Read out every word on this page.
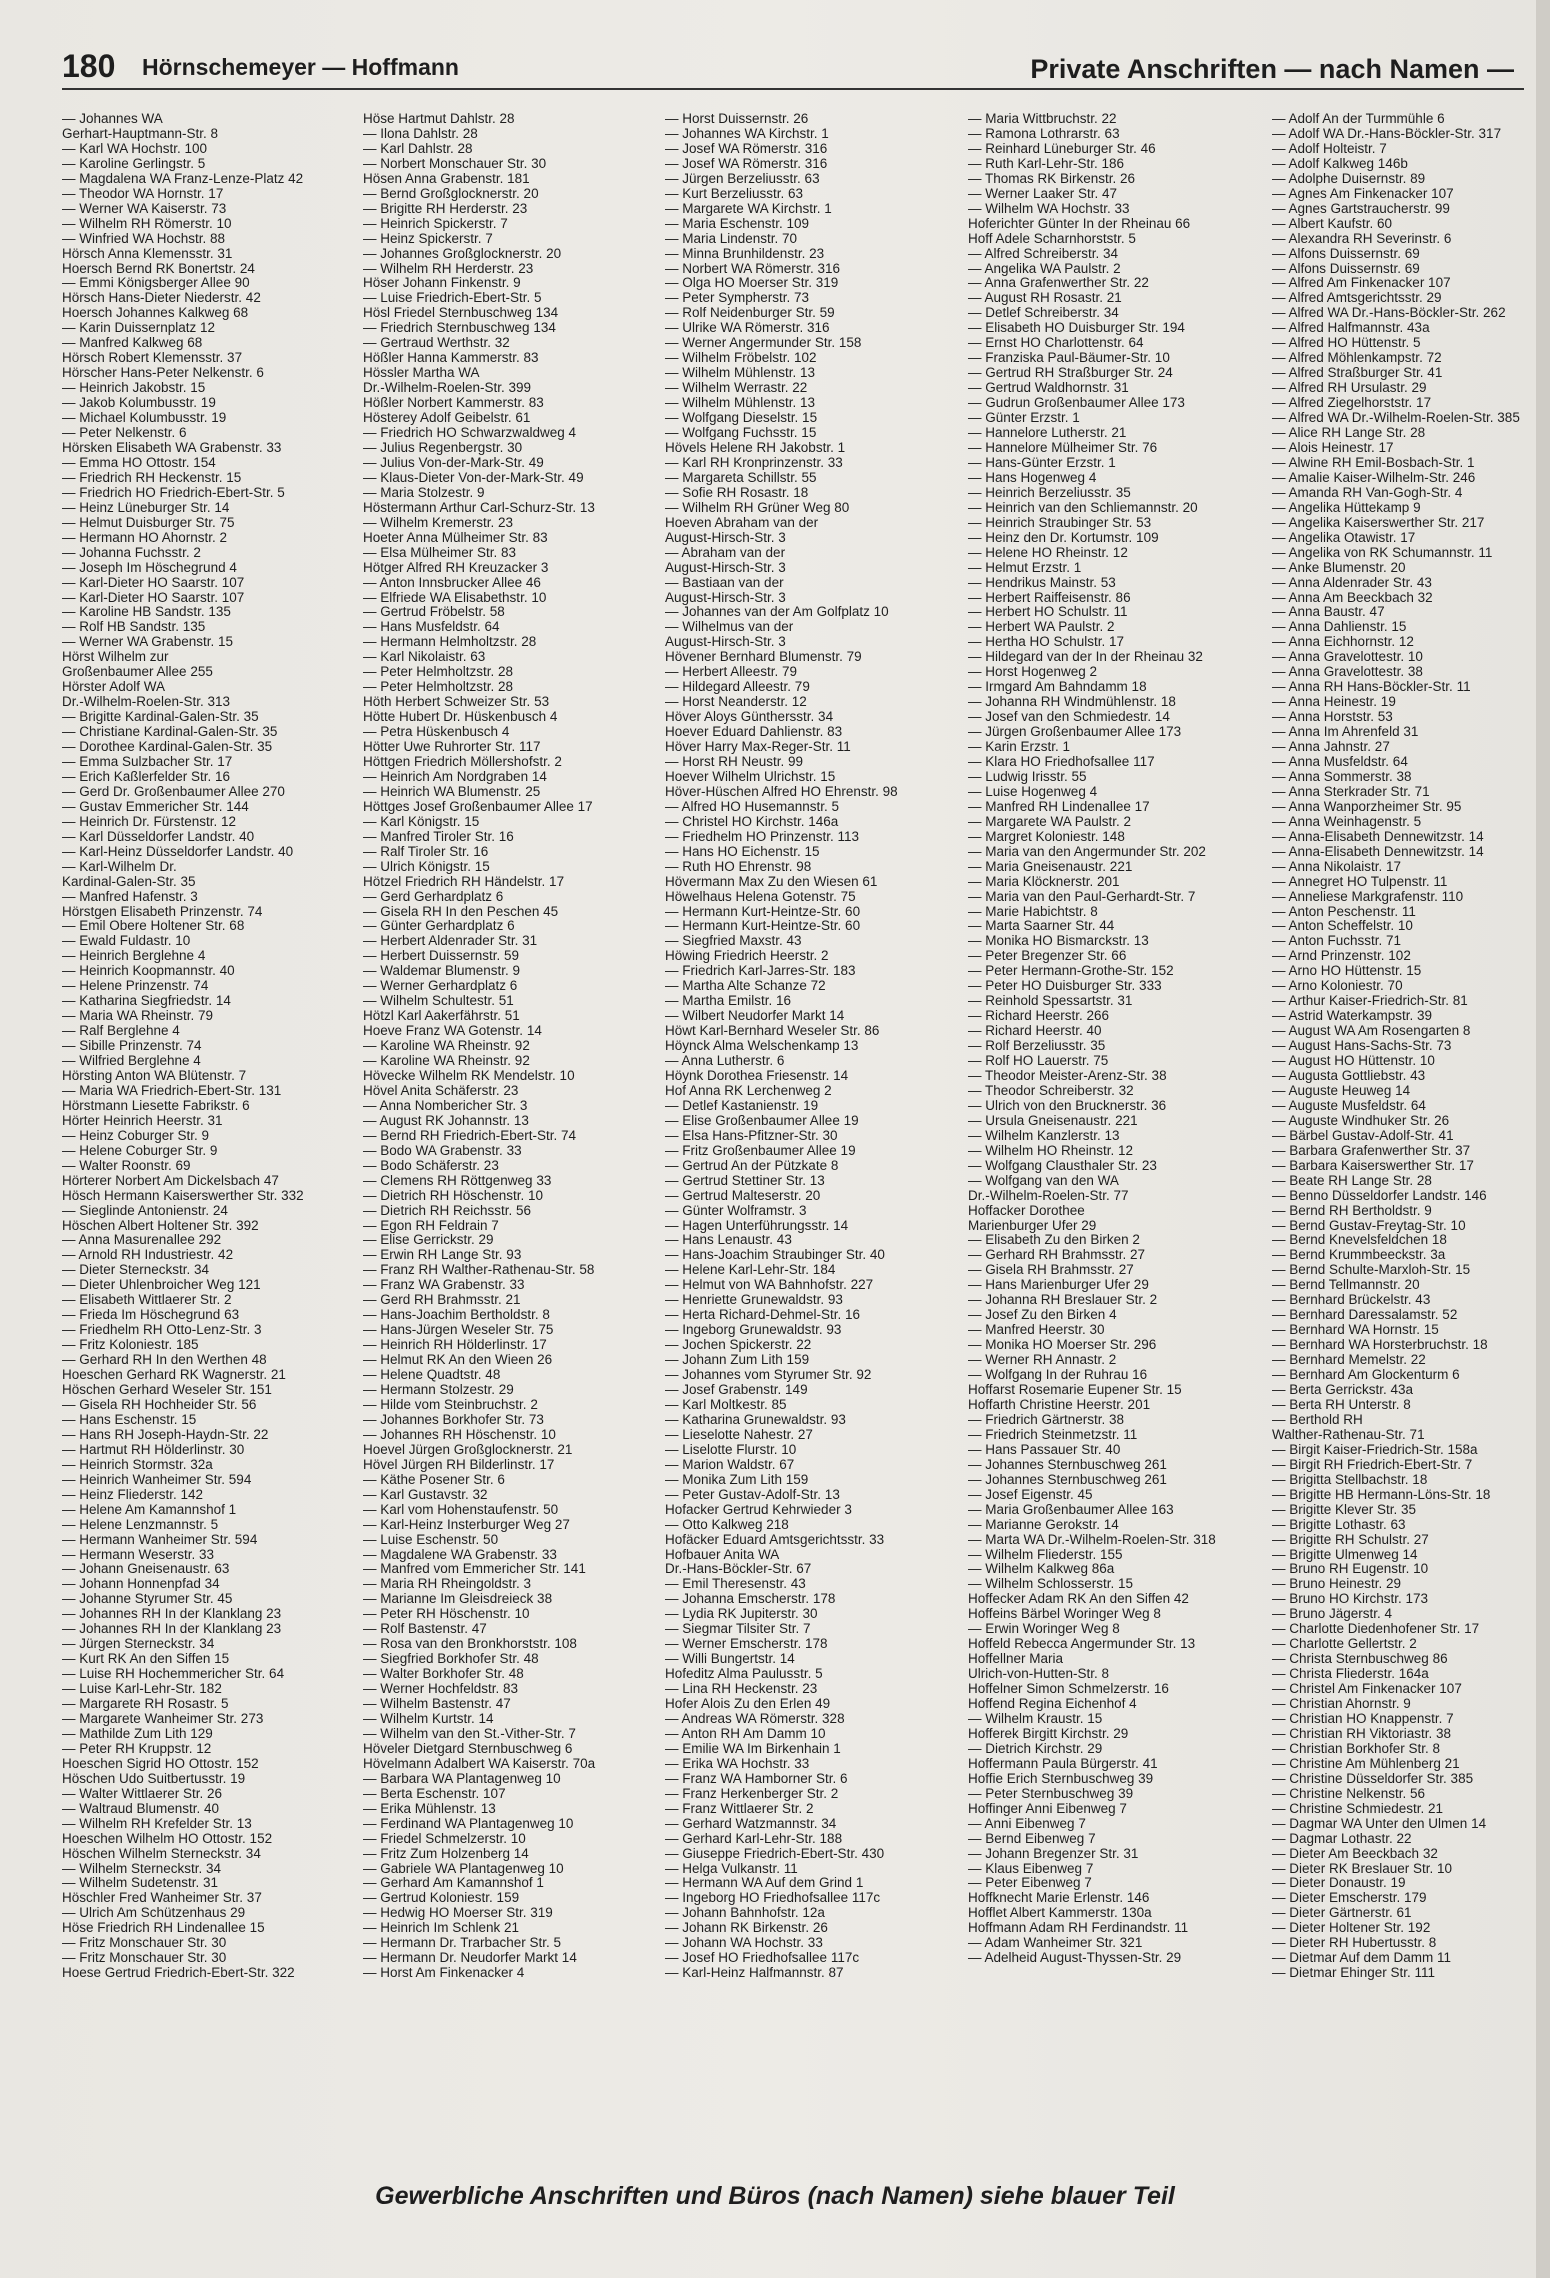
180 Hörnschemeyer — Hoffmann	Private Anschriften — nach Namen —
— Johannes WA
Gerhart-Hauptmann-Str. 8
— Karl WA Hochstr. 100
— Karoline Gerlingstr. 5
— Magdalena WA Franz-Lenze-Platz 42
— Theodor WA Hornstr. 17
— Werner WA Kaiserstr. 73
— Wilhelm RH Römerstr. 10
— Winfried WA Hochstr. 88
Hörsch Anna Klemensstr. 31
Hoersch Bernd RK Bonertstr. 24
— Emmi Königsberger Allee 90
Hörsch Hans-Dieter Niederstr. 42
Hoersch Johannes Kalkweg 68
— Karin Duissernplatz 12
— Manfred Kalkweg 68
Hörsch Robert Klemensstr. 37
Hörscher Hans-Peter Nelkenstr. 6
— Heinrich Jakobstr. 15
— Jakob Kolumbusstr. 19
— Michael Kolumbusstr. 19
— Peter Nelkenstr. 6
Hörsken Elisabeth WA Grabenstr. 33
— Emma HO Ottostr. 154
— Friedrich RH Heckenstr. 15
— Friedrich HO Friedrich-Ebert-Str. 5
— Heinz Lüneburger Str. 14
— Helmut Duisburger Str. 75
— Hermann HO Ahornstr. 2
— Johanna Fuchsstr. 2
— Joseph Im Höschegrund 4
— Karl-Dieter HO Saarstr. 107
— Karl-Dieter HO Saarstr. 107
— Karoline HB Sandstr. 135
— Rolf HB Sandstr. 135
— Werner WA Grabenstr. 15
Hörst Wilhelm zur
Großenbaumer Allee 255
Hörster Adolf WA
Dr.-Wilhelm-Roelen-Str. 313
— Brigitte Kardinal-Galen-Str. 35
— Christiane Kardinal-Galen-Str. 35
— Dorothee Kardinal-Galen-Str. 35
— Emma Sulzbacher Str. 17
— Erich Kaßlerfelder Str. 16
— Gerd Dr. Großenbaumer Allee 270
— Gustav Emmericher Str. 144
— Heinrich Dr. Fürstenstr. 12
— Karl Düsseldorfer Landstr. 40
— Karl-Heinz Düsseldorfer Landstr. 40
— Karl-Wilhelm Dr.
Kardinal-Galen-Str. 35
— Manfred Hafenstr. 3
Hörstgen Elisabeth Prinzenstr. 74
— Emil Obere Holtener Str. 68
— Ewald Fuldastr. 10
— Heinrich Berglehne 4
— Heinrich Koopmannstr. 40
— Helene Prinzenstr. 74
— Katharina Siegfriedstr. 14
— Maria WA Rheinstr. 79
— Ralf Berglehne 4
— Sibille Prinzenstr. 74
— Wilfried Berglehne 4
Hörsting Anton WA Blütenstr. 7
— Maria WA Friedrich-Ebert-Str. 131
Hörstmann Liesette Fabrikstr. 6
Hörter Heinrich Heerstr. 31
— Heinz Coburger Str. 9
— Helene Coburger Str. 9
— Walter Roonstr. 69
Hörterer Norbert Am Dickelsbach 47
Hösch Hermann Kaiserswerther Str. 332
— Sieglinde Antonienstr. 24
Höschen Albert Holtener Str. 392
— Anna Masurenallee 292
— Arnold RH Industriestr. 42
— Dieter Sterneckstr. 34
— Dieter Uhlenbroicher Weg 121
— Elisabeth Wittlaerer Str. 2
— Frieda Im Höschegrund 63
— Friedhelm RH Otto-Lenz-Str. 3
— Fritz Koloniestr. 185
— Gerhard RH In den Werthen 48
Hoeschen Gerhard RK Wagnerstr. 21
Höschen Gerhard Weseler Str. 151
— Gisela RH Hochheider Str. 56
— Hans Eschenstr. 15
— Hans RH Joseph-Haydn-Str. 22
— Hartmut RH Hölderlinstr. 30
— Heinrich Stormstr. 32a
— Heinrich Wanheimer Str. 594
— Heinz Fliederstr. 142
— Helene Am Kamannshof 1
— Helene Lenzmannstr. 5
— Hermann Wanheimer Str. 594
— Hermann Weserstr. 33
— Johann Gneisenaustr. 63
— Johann Honnenpfad 34
— Johanne Styrumer Str. 45
— Johannes RH In der Klanklang 23
— Johannes RH In der Klanklang 23
— Jürgen Sterneckstr. 34
— Kurt RK An den Siffen 15
— Luise RH Hochemmericher Str. 64
— Luise Karl-Lehr-Str. 182
— Margarete RH Rosastr. 5
— Margarete Wanheimer Str. 273
— Mathilde Zum Lith 129
— Peter RH Kruppstr. 12
Hoeschen Sigrid HO Ottostr. 152
Höschen Udo Suitbertusstr. 19
— Walter Wittlaerer Str. 26
— Waltraud Blumenstr. 40
— Wilhelm RH Krefelder Str. 13
Hoeschen Wilhelm HO Ottostr. 152
Höschen Wilhelm Sterneckstr. 34
— Wilhelm Sterneckstr. 34
— Wilhelm Sudetenstr. 31
Höschler Fred Wanheimer Str. 37
— Ulrich Am Schützenhaus 29
Höse Friedrich RH Lindenallee 15
— Fritz Monschauer Str. 30
— Fritz Monschauer Str. 30
Hoese Gertrud Friedrich-Ebert-Str. 322
Höse Hartmut Dahlstr. 28
— Ilona Dahlstr. 28
— Karl Dahlstr. 28
— Norbert Monschauer Str. 30
Hösen Anna Grabenstr. 181
— Bernd Großglocknerstr. 20
— Brigitte RH Herderstr. 23
— Heinrich Spickerstr. 7
— Heinz Spickerstr. 7
— Johannes Großglocknerstr. 20
— Wilhelm RH Herderstr. 23
Höser Johann Finkenstr. 9
— Luise Friedrich-Ebert-Str. 5
Hösl Friedel Sternbuschweg 134
— Friedrich Sternbuschweg 134
— Gertraud Werthstr. 32
Hößler Hanna Kammerstr. 83
Hössler Martha WA
Dr.-Wilhelm-Roelen-Str. 399
Hößler Norbert Kammerstr. 83
Hösterey Adolf Geibelstr. 61
— Friedrich HO Schwarzwaldweg 4
— Julius Regenbergstr. 30
— Julius Von-der-Mark-Str. 49
— Klaus-Dieter Von-der-Mark-Str. 49
— Maria Stolzestr. 9
Höstermann Arthur Carl-Schurz-Str. 13
— Wilhelm Kremerstr. 23
Hoeter Anna Mülheimer Str. 83
— Elsa Mülheimer Str. 83
Hötger Alfred RH Kreuzacker 3
— Anton Innsbrucker Allee 46
— Elfriede WA Elisabethstr. 10
— Gertrud Fröbelstr. 58
— Hans Musfeldstr. 64
— Hermann Helmholtzstr. 28
— Karl Nikolaistr. 63
— Peter Helmholtzstr. 28
— Peter Helmholtzstr. 28
Höth Herbert Schweizer Str. 53
Hötte Hubert Dr. Hüskenbusch 4
— Petra Hüskenbusch 4
Hötter Uwe Ruhrorter Str. 117
Höttgen Friedrich Möllershofstr. 2
— Heinrich Am Nordgraben 14
— Heinrich WA Blumenstr. 25
Höttges Josef Großenbaumer Allee 17
— Karl Königstr. 15
— Manfred Tiroler Str. 16
— Ralf Tiroler Str. 16
— Ulrich Königstr. 15
Hötzel Friedrich RH Händelstr. 17
— Gerd Gerhardplatz 6
— Gisela RH In den Peschen 45
— Günter Gerhardplatz 6
— Herbert Aldenrader Str. 31
— Herbert Duissernstr. 59
— Waldemar Blumenstr. 9
— Werner Gerhardplatz 6
— Wilhelm Schultestr. 51
Hötzl Karl Aakerfährstr. 51
Hoeve Franz WA Gotenstr. 14
— Karoline WA Rheinstr. 92
— Karoline WA Rheinstr. 92
Hövecke Wilhelm RK Mendelstr. 10
Hövel Anita Schäferstr. 23
— Anna Nombericher Str. 3
— August RK Johannstr. 13
— Bernd RH Friedrich-Ebert-Str. 74
— Bodo WA Grabenstr. 33
— Bodo Schäferstr. 23
— Clemens RH Röttgenweg 33
— Dietrich RH Höschenstr. 10
— Dietrich RH Reichsstr. 56
— Egon RH Feldrain 7
— Elise Gerrickstr. 29
— Erwin RH Lange Str. 93
— Franz RH Walther-Rathenau-Str. 58
— Franz WA Grabenstr. 33
— Gerd RH Brahmsstr. 21
— Hans-Joachim Bertholdstr. 8
— Hans-Jürgen Weseler Str. 75
— Heinrich RH Hölderlinstr. 17
— Helmut RK An den Wieen 26
— Helene Quadtstr. 48
— Hermann Stolzestr. 29
— Hilde vom Steinbruchstr. 2
— Johannes Borkhofer Str. 73
— Johannes RH Höschenstr. 10
Hoevel Jürgen Großglocknerstr. 21
Hövel Jürgen RH Bilderlinstr. 17
— Käthe Posener Str. 6
— Karl Gustavstr. 32
— Karl vom Hohenstaufenstr. 50
— Karl-Heinz Insterburger Weg 27
— Luise Eschenstr. 50
— Magdalene WA Grabenstr. 33
— Manfred vom Emmericher Str. 141
— Maria RH Rheingoldstr. 3
— Marianne Im Gleisdreieck 38
— Peter RH Höschenstr. 10
— Rolf Bastenstr. 47
— Rosa van den Bronkhorststr. 108
— Siegfried Borkhofer Str. 48
— Walter Borkhofer Str. 48
— Werner Hochfeldstr. 83
— Wilhelm Bastenstr. 47
— Wilhelm Kurtstr. 14
— Wilhelm van den St.-Vither-Str. 7
Höveler Dietgard Sternbuschweg 6
Hövelmann Adalbert WA Kaiserstr. 70a
— Barbara WA Plantagenweg 10
— Berta Eschenstr. 107
— Erika Mühlenstr. 13
— Ferdinand WA Plantagenweg 10
— Friedel Schmelzerstr. 10
— Fritz Zum Holzenberg 14
— Gabriele WA Plantagenweg 10
— Gerhard Am Kamannshof 1
— Gertrud Koloniestr. 159
— Hedwig HO Moerser Str. 319
— Heinrich Im Schlenk 21
— Hermann Dr. Trarbacher Str. 5
— Hermann Dr. Neudorfer Markt 14
— Horst Am Finkenacker 4
— Horst Duissernstr. 26
— Johannes WA Kirchstr. 1
— Josef WA Römerstr. 316
— Josef WA Römerstr. 316
— Jürgen Berzeliusstr. 63
— Kurt Berzeliusstr. 63
— Margarete WA Kirchstr. 1
— Maria Eschenstr. 109
— Maria Lindenstr. 70
— Minna Brunhildenstr. 23
— Norbert WA Römerstr. 316
— Olga HO Moerser Str. 319
— Peter Sympherstr. 73
— Rolf Neidenburger Str. 59
— Ulrike WA Römerstr. 316
— Werner Angermunder Str. 158
— Wilhelm Fröbelstr. 102
— Wilhelm Mühlenstr. 13
— Wilhelm Werrastr. 22
— Wilhelm Mühlenstr. 13
— Wolfgang Dieselstr. 15
— Wolfgang Fuchsstr. 15
Hövels Helene RH Jakobstr. 1
— Karl RH Kronprinzenstr. 33
— Margareta Schillstr. 55
— Sofie RH Rosastr. 18
— Wilhelm RH Grüner Weg 80
Hoeven Abraham van der
August-Hirsch-Str. 3
— Abraham van der
August-Hirsch-Str. 3
— Bastiaan van der
August-Hirsch-Str. 3
— Johannes van der Am Golfplatz 10
— Wilhelmus van der
August-Hirsch-Str. 3
Hövener Bernhard Blumenstr. 79
— Herbert Alleestr. 79
— Hildegard Alleestr. 79
— Horst Neanderstr. 12
Höver Aloys Günthersstr. 34
Hoever Eduard Dahlienstr. 83
Höver Harry Max-Reger-Str. 11
— Horst RH Neustr. 99
Hoever Wilhelm Ulrichstr. 15
Höver-Hüschen Alfred HO Ehrenstr. 98
— Alfred HO Husemannstr. 5
— Christel HO Kirchstr. 146a
— Friedhelm HO Prinzenstr. 113
— Hans HO Eichenstr. 15
— Ruth HO Ehrenstr. 98
Hövermann Max Zu den Wiesen 61
Höwelhaus Helena Gotenstr. 75
— Hermann Kurt-Heintze-Str. 60
— Hermann Kurt-Heintze-Str. 60
— Siegfried Maxstr. 43
Höwing Friedrich Heerstr. 2
— Friedrich Karl-Jarres-Str. 183
— Martha Alte Schanze 72
— Martha Emilstr. 16
— Wilbert Neudorfer Markt 14
Höwt Karl-Bernhard Weseler Str. 86
Höynck Alma Welschenkamp 13
— Anna Lutherstr. 6
Höynk Dorothea Friesenstr. 14
Hof Anna RK Lerchenweg 2
— Detlef Kastanienstr. 19
— Elise Großenbaumer Allee 19
— Elsa Hans-Pfitzner-Str. 30
— Fritz Großenbaumer Allee 19
— Gertrud An der Pützkate 8
— Gertrud Stettiner Str. 13
— Gertrud Malteserstr. 20
— Günter Wolframstr. 3
— Hagen Unterführungsstr. 14
— Hans Lenaustr. 43
— Hans-Joachim Straubinger Str. 40
— Helene Karl-Lehr-Str. 184
— Helmut von WA Bahnhofstr. 227
— Henriette Grunewaldstr. 93
— Herta Richard-Dehmel-Str. 16
— Ingeborg Grunewaldstr. 93
— Jochen Spickerstr. 22
— Johann Zum Lith 159
— Johannes vom Styrumer Str. 92
— Josef Grabenstr. 149
— Karl Moltkestr. 85
— Katharina Grunewaldstr. 93
— Lieselotte Nahestr. 27
— Liselotte Flurstr. 10
— Marion Waldstr. 67
— Monika Zum Lith 159
— Peter Gustav-Adolf-Str. 13
Hofacker Gertrud Kehrwieder 3
— Otto Kalkweg 218
Hofäcker Eduard Amtsgerichtsstr. 33
Hofbauer Anita WA
Dr.-Hans-Böckler-Str. 67
— Emil Theresenstr. 43
— Johanna Emscherstr. 178
— Lydia RK Jupiterstr. 30
— Siegmar Tilsiter Str. 7
— Werner Emscherstr. 178
— Willi Bungertstr. 14
Hofeditz Alma Paulusstr. 5
— Lina RH Heckenstr. 23
Hofer Alois Zu den Erlen 49
— Andreas WA Römerstr. 328
— Anton RH Am Damm 10
— Emilie WA Im Birkenhain 1
— Erika WA Hochstr. 33
— Franz WA Hamborner Str. 6
— Franz Herkenberger Str. 2
— Franz Wittlaerer Str. 2
— Gerhard Watzmannstr. 34
— Gerhard Karl-Lehr-Str. 188
— Giuseppe Friedrich-Ebert-Str. 430
— Helga Vulkanstr. 11
— Hermann WA Auf dem Grind 1
— Ingeborg HO Friedhofsallee 117c
— Johann Bahnhofstr. 12a
— Johann RK Birkenstr. 26
— Johann WA Hochstr. 33
— Josef HO Friedhofsallee 117c
— Karl-Heinz Halfmannstr. 87
— Maria Wittbruchstr. 22
— Ramona Lothrarstr. 63
— Reinhard Lüneburger Str. 46
— Ruth Karl-Lehr-Str. 186
— Thomas RK Birkenstr. 26
— Werner Laaker Str. 47
— Wilhelm WA Hochstr. 33
Hoferichter Günter In der Rheinau 66
Hoff Adele Scharnhorststr. 5
— Alfred Schreiberstr. 34
— Angelika WA Paulstr. 2
— Anna Grafenwerther Str. 22
— August RH Rosastr. 21
— Detlef Schreiberstr. 34
— Elisabeth HO Duisburger Str. 194
— Ernst HO Charlottenstr. 64
— Franziska Paul-Bäumer-Str. 10
— Gertrud RH Straßburger Str. 24
— Gertrud Waldhornstr. 31
— Gudrun Großenbaumer Allee 173
— Günter Erzstr. 1
— Hannelore Lutherstr. 21
— Hannelore Mülheimer Str. 76
— Hans-Günter Erzstr. 1
— Hans Hogenweg 4
— Heinrich Berzeliusstr. 35
— Heinrich van den Schliemannstr. 20
— Heinrich Straubinger Str. 53
— Heinz den Dr. Kortumstr. 109
— Helene HO Rheinstr. 12
— Helmut Erzstr. 1
— Hendrikus Mainstr. 53
— Herbert Raiffeisenstr. 86
— Herbert HO Schulstr. 11
— Herbert WA Paulstr. 2
— Hertha HO Schulstr. 17
— Hildegard van der In der Rheinau 32
— Horst Hogenweg 2
— Irmgard Am Bahndamm 18
— Johanna RH Windmühlenstr. 18
— Josef van den Schmiedestr. 14
— Jürgen Großenbaumer Allee 173
— Karin Erzstr. 1
— Klara HO Friedhofsallee 117
— Ludwig Irisstr. 55
— Luise Hogenweg 4
— Manfred RH Lindenallee 17
— Margarete WA Paulstr. 2
— Margret Koloniestr. 148
— Maria van den Angermunder Str. 202
— Maria Gneisenaustr. 221
— Maria Klöcknerstr. 201
— Maria van den Paul-Gerhardt-Str. 7
— Marie Habichtstr. 8
— Marta Saarner Str. 44
— Monika HO Bismarckstr. 13
— Peter Bregenzer Str. 66
— Peter Hermann-Grothe-Str. 152
— Peter HO Duisburger Str. 333
— Reinhold Spessartstr. 31
— Richard Heerstr. 266
— Richard Heerstr. 40
— Rolf Berzeliusstr. 35
— Rolf HO Lauerstr. 75
— Theodor Meister-Arenz-Str. 38
— Theodor Schreiberstr. 32
— Ulrich von den Brucknerstr. 36
— Ursula Gneisenaustr. 221
— Wilhelm Kanzlerstr. 13
— Wilhelm HO Rheinstr. 12
— Wolfgang Clausthaler Str. 23
— Wolfgang van den WA
Dr.-Wilhelm-Roelen-Str. 77
Hoffacker Dorothee
Marienburger Ufer 29
— Elisabeth Zu den Birken 2
— Gerhard RH Brahmsstr. 27
— Gisela RH Brahmsstr. 27
— Hans Marienburger Ufer 29
— Johanna RH Breslauer Str. 2
— Josef Zu den Birken 4
— Manfred Heerstr. 30
— Monika HO Moerser Str. 296
— Werner RH Annastr. 2
— Wolfgang In der Ruhrau 16
Hoffarst Rosemarie Eupener Str. 15
Hoffarth Christine Heerstr. 201
— Friedrich Gärtnerstr. 38
— Friedrich Steinmetzstr. 11
— Hans Passauer Str. 40
— Johannes Sternbuschweg 261
— Johannes Sternbuschweg 261
— Josef Eigenstr. 45
— Maria Großenbaumer Allee 163
— Marianne Gerokstr. 14
— Marta WA Dr.-Wilhelm-Roelen-Str. 318
— Wilhelm Fliederstr. 155
— Wilhelm Kalkweg 86a
— Wilhelm Schlosserstr. 15
Hoffecker Adam RK An den Siffen 42
Hoffeins Bärbel Woringer Weg 8
— Erwin Woringer Weg 8
Hoffeld Rebecca Angermunder Str. 13
Hoffellner Maria
Ulrich-von-Hutten-Str. 8
Hoffelner Simon Schmelzerstr. 16
Hoffend Regina Eichenhof 4
— Wilhelm Kraustr. 15
Hofferek Birgitt Kirchstr. 29
— Dietrich Kirchstr. 29
Hoffermann Paula Bürgerstr. 41
Hoffie Erich Sternbuschweg 39
— Peter Sternbuschweg 39
Hoffinger Anni Eibenweg 7
— Anni Eibenweg 7
— Bernd Eibenweg 7
— Johann Bregenzer Str. 31
— Klaus Eibenweg 7
— Peter Eibenweg 7
Hoffknecht Marie Erlenstr. 146
Hofflet Albert Kammerstr. 130a
Hoffmann Adam RH Ferdinandstr. 11
— Adam Wanheimer Str. 321
— Adelheid August-Thyssen-Str. 29
— Adolf An der Turmmühle 6
— Adolf WA Dr.-Hans-Böckler-Str. 317
— Adolf Holteistr. 7
— Adolf Kalkweg 146b
— Adolphe Duisernstr. 89
— Agnes Am Finkenacker 107
— Agnes Gartstraucherstr. 99
— Albert Kaufstr. 60
— Alexandra RH Severinstr. 6
— Alfons Duissernstr. 69
— Alfons Duissernstr. 69
— Alfred Am Finkenacker 107
— Alfred Amtsgerichtsstr. 29
— Alfred WA Dr.-Hans-Böckler-Str. 262
— Alfred Halfmannstr. 43a
— Alfred HO Hüttenstr. 5
— Alfred Möhlenkampstr. 72
— Alfred Straßburger Str. 41
— Alfred RH Ursulastr. 29
— Alfred Ziegelhorststr. 17
— Alfred WA Dr.-Wilhelm-Roelen-Str. 385
— Alice RH Lange Str. 28
— Alois Heinestr. 17
— Alwine RH Emil-Bosbach-Str. 1
— Amalie Kaiser-Wilhelm-Str. 246
— Amanda RH Van-Gogh-Str. 4
— Angelika Hüttekamp 9
— Angelika Kaiserswerther Str. 217
— Angelika Otawistr. 17
— Angelika von RK Schumannstr. 11
— Anke Blumenstr. 20
— Anna Aldenrader Str. 43
— Anna Am Beeckbach 32
— Anna Baustr. 47
— Anna Dahlienstr. 15
— Anna Eichhornstr. 12
— Anna Gravelottestr. 10
— Anna Gravelottestr. 38
— Anna RH Hans-Böckler-Str. 11
— Anna Heinestr. 19
— Anna Horststr. 53
— Anna Im Ahrenfeld 31
— Anna Jahnstr. 27
— Anna Musfeldstr. 64
— Anna Sommerstr. 38
— Anna Sterkrader Str. 71
— Anna Wanporzheimer Str. 95
— Anna Weinhagenstr. 5
— Anna-Elisabeth Dennewitzstr. 14
— Anna-Elisabeth Dennewitzstr. 14
— Anna Nikolaistr. 17
— Annegret HO Tulpenstr. 11
— Anneliese Markgrafenstr. 110
— Anton Peschenstr. 11
— Anton Scheffelstr. 10
— Anton Fuchsstr. 71
— Arnd Prinzenstr. 102
— Arno HO Hüttenstr. 15
— Arno Koloniestr. 70
— Arthur Kaiser-Friedrich-Str. 81
— Astrid Waterkampstr. 39
— August WA Am Rosengarten 8
— August Hans-Sachs-Str. 73
— August HO Hüttenstr. 10
— Augusta Gottliebstr. 43
— Auguste Heuweg 14
— Auguste Musfeldstr. 64
— Auguste Windhuker Str. 26
— Bärbel Gustav-Adolf-Str. 41
— Barbara Grafenwerther Str. 37
— Barbara Kaiserswerther Str. 17
— Beate RH Lange Str. 28
— Benno Düsseldorfer Landstr. 146
— Bernd RH Bertholdstr. 9
— Bernd Gustav-Freytag-Str. 10
— Bernd Knevelsfeldchen 18
— Bernd Krummbeeckstr. 3a
— Bernd Schulte-Marxloh-Str. 15
— Bernd Tellmannstr. 20
— Bernhard Brückelstr. 43
— Bernhard Daressalamstr. 52
— Bernhard WA Hornstr. 15
— Bernhard WA Horsterbruchstr. 18
— Bernhard Memelstr. 22
— Bernhard Am Glockenturm 6
— Berta Gerrickstr. 43a
— Berta RH Unterstr. 8
— Berthold RH
Walther-Rathenau-Str. 71
— Birgit Kaiser-Friedrich-Str. 158a
— Birgit RH Friedrich-Ebert-Str. 7
— Brigitta Stellbachstr. 18
— Brigitte HB Hermann-Löns-Str. 18
— Brigitte Klever Str. 35
— Brigitte Lothastr. 63
— Brigitte RH Schulstr. 27
— Brigitte Ulmenweg 14
— Bruno RH Eugenstr. 10
— Bruno Heinestr. 29
— Bruno HO Kirchstr. 173
— Bruno Jägerstr. 4
— Charlotte Diedenhofener Str. 17
— Charlotte Gellertstr. 2
— Christa Sternbuschweg 86
— Christa Fliederstr. 164a
— Christel Am Finkenacker 107
— Christian Ahornstr. 9
— Christian HO Knappenstr. 7
— Christian RH Viktoriastr. 38
— Christian Borkhofer Str. 8
— Christine Am Mühlenberg 21
— Christine Düsseldorfer Str. 385
— Christine Nelkenstr. 56
— Christine Schmiedestr. 21
— Dagmar WA Unter den Ulmen 14
— Dagmar Lothastr. 22
— Dieter Am Beeckbach 32
— Dieter RK Breslauer Str. 10
— Dieter Donaustr. 19
— Dieter Emscherstr. 179
— Dieter Gärtnerstr. 61
— Dieter Holtener Str. 192
— Dieter RH Hubertusstr. 8
— Dietmar Auf dem Damm 11
— Dietmar Ehinger Str. 111
Gewerbliche Anschriften und Büros (nach Namen) siehe blauer Teil
